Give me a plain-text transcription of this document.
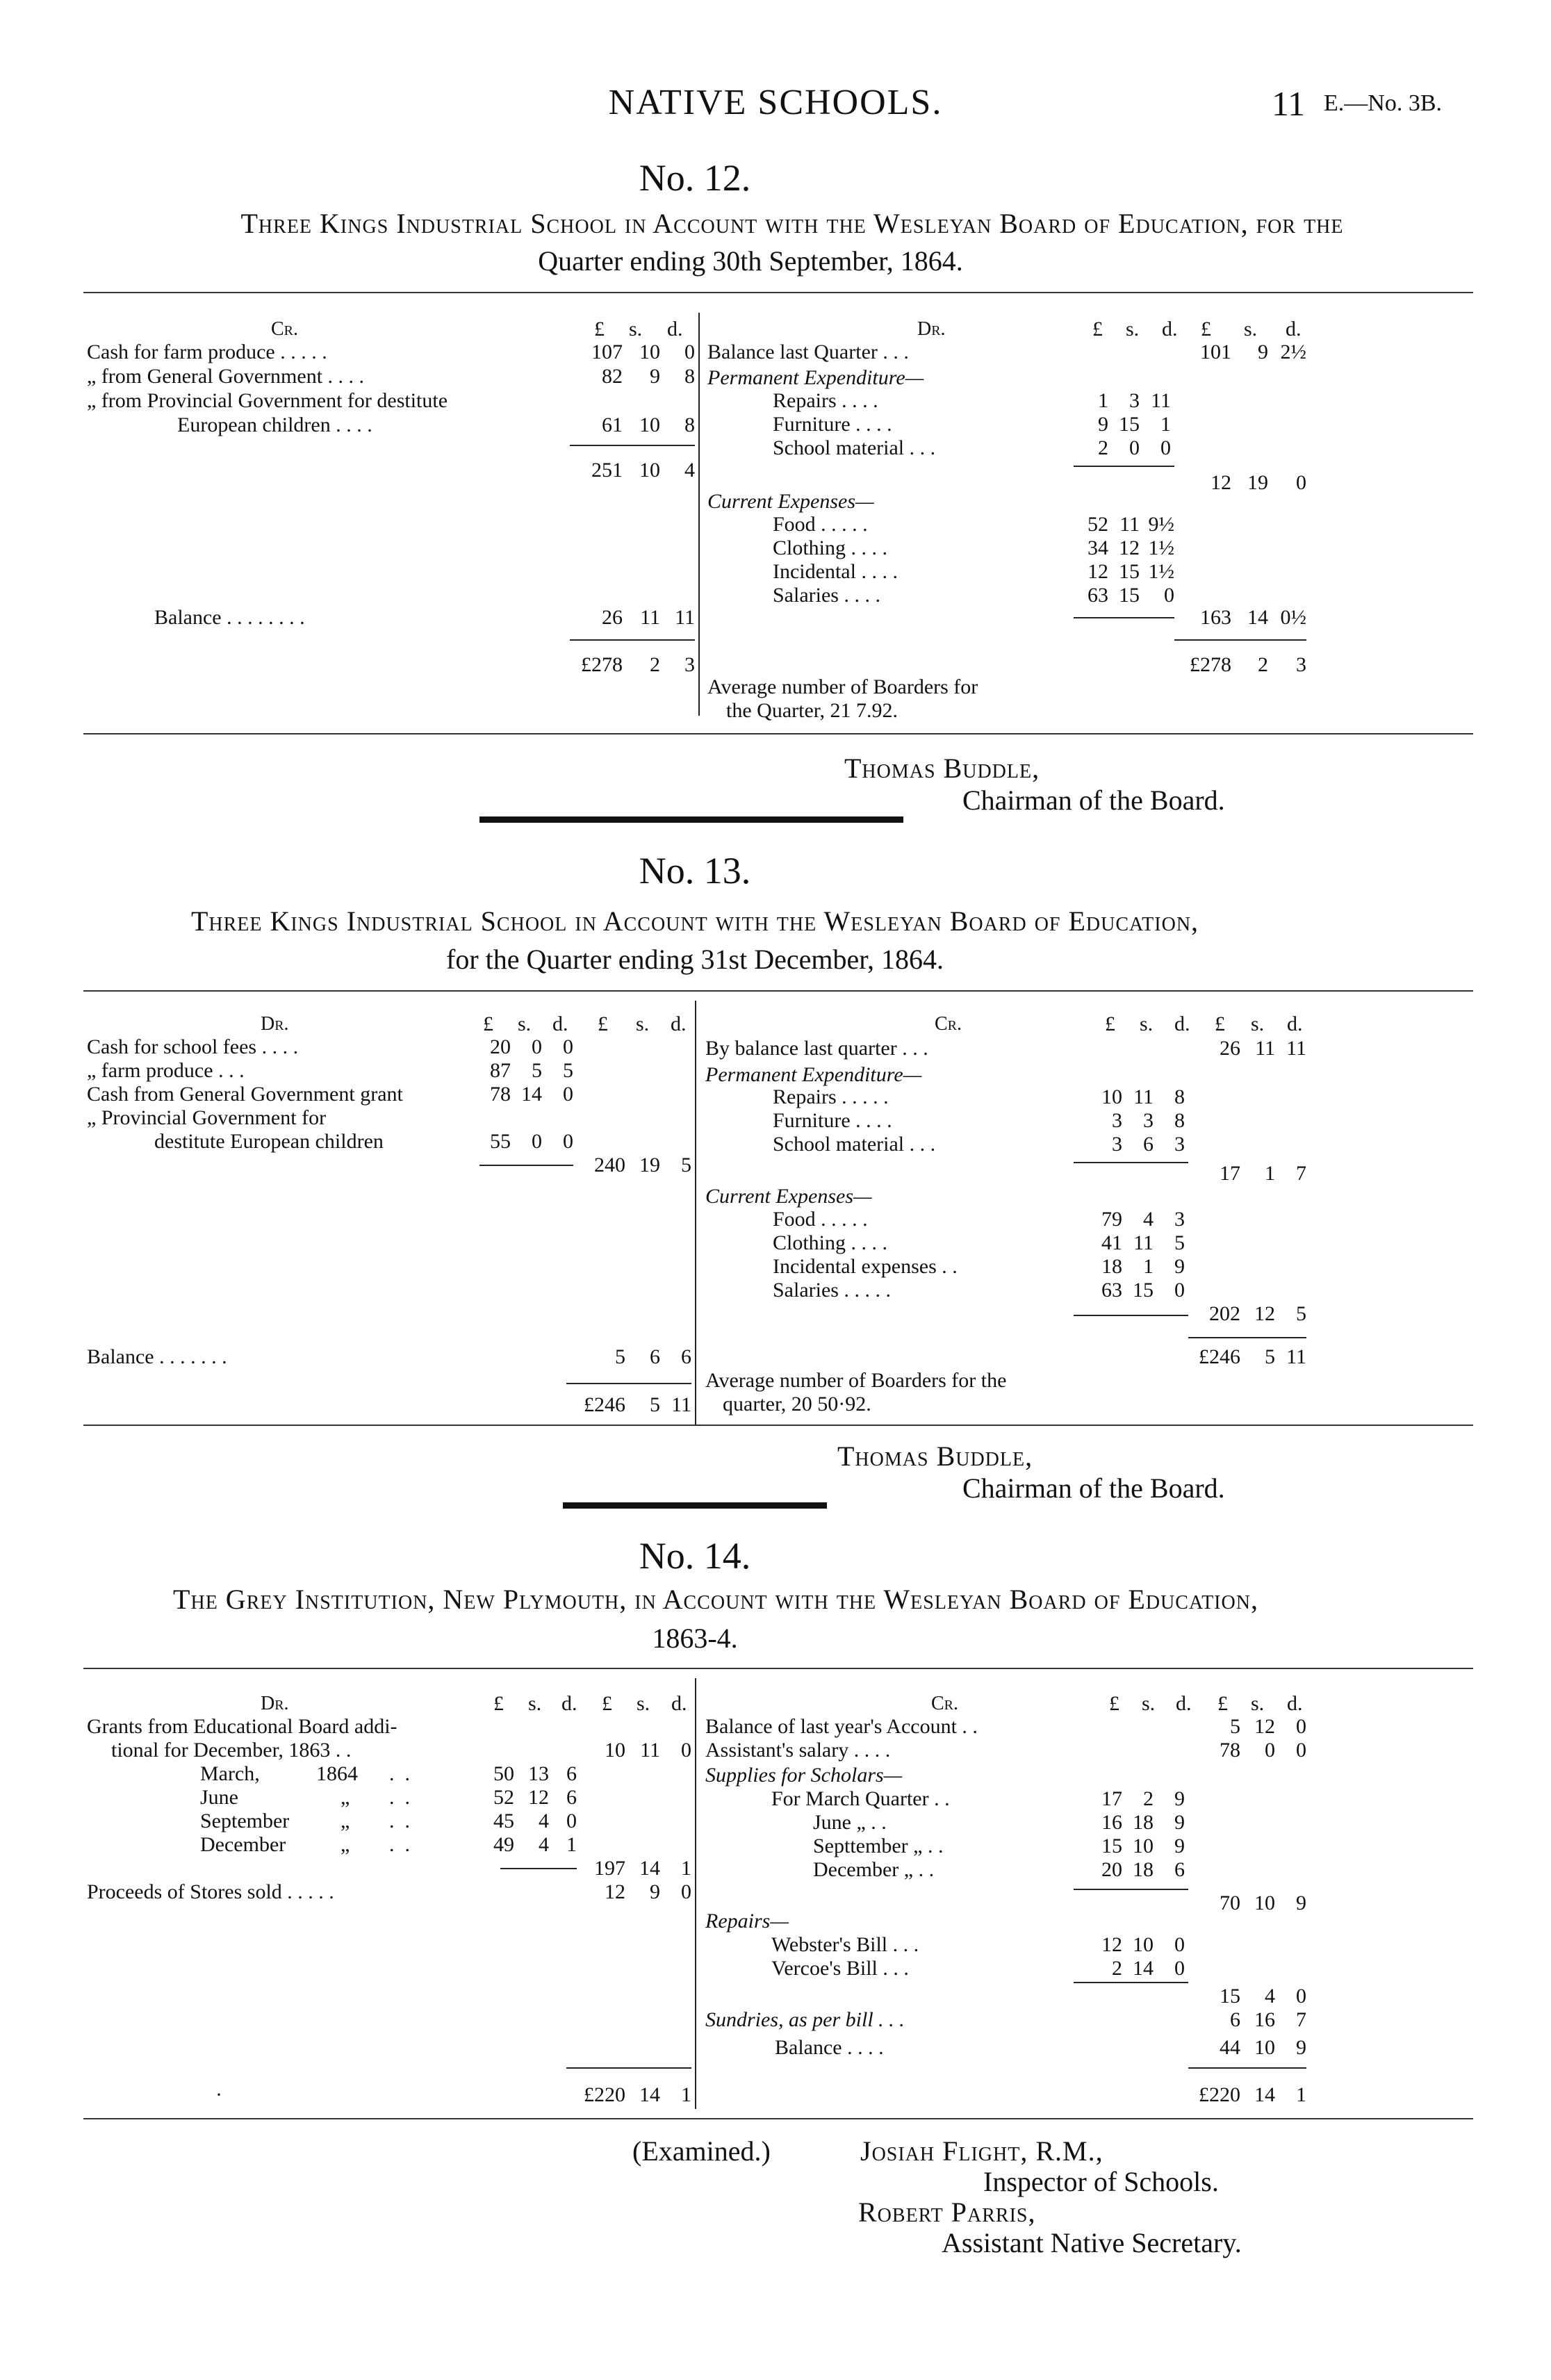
NATIVE SCHOOLS.	11 E.—No. 3B.
No. 12.
Three Kings Industrial School in Account with the Wesleyan Board of Education, for the
Quarter ending 30th September, 1864.
Cr.	£ s. d.
Cash for farm produce . . . . .	107 10	0
„ from General Government . . . .	82	9	8
„ from Provincial Government for destitute
European children . . . .	61 10	8
251 10	4
Balance . . . . . . . .	26 11 11
£278	2	3
Dr.	£ s. d. £ s. d.
Balance last Quarter . . .	101	9 2½
Permanent Expenditure—
Repairs . . . .	1	3 11
Furniture . . . .	9 15	1
School material . . .	2	0	0
12 19	0
Current Expenses—
Food . . . . .	52 11 9½
Clothing . . . .	34 12 1½
Incidental . . . .	12 15 1½
Salaries . . . .	63 15	0
163 14 0½
£278	2	3
Average number of Boarders for
the Quarter, 21 7.92.
Thomas Buddle,
Chairman of the Board.
No. 13.
Three Kings Industrial School in Account with the Wesleyan Board of Education,
for the Quarter ending 31st December, 1864.
Dr.	£ s. d. £ s. d.
Cash for school fees . . . .	20	0	0
„ farm produce . . .	87	5	5
Cash from General Government grant	78 14	0
„ Provincial Government for
destitute European children	55	0	0
240 19	5
Balance . . . . . . .	5	6	6
£246	5 11
Cr.	£ s. d. £ s. d.
By balance last quarter . . .	26 11 11
Permanent Expenditure—
Repairs . . . . .	10 11	8
Furniture . . . .	3	3	8
School material . . .	3	6	3
17	1	7
Current Expenses—
Food . . . . .	79	4	3
Clothing . . . .	41 11	5
Incidental expenses . .	18	1	9
Salaries . . . . .	63 15	0
202 12	5
£246	5 11
Average number of Boarders for the
quarter, 20 50·92.
Thomas Buddle,
Chairman of the Board.
No. 14.
The Grey Institution, New Plymouth, in Account with the Wesleyan Board of Education,
1863-4.
Dr.	£ s. d. £ s. d.
Grants from Educational Board addi-
tional for December, 1863 . .	10 11	0
March,	1864 .  .	50 13 6
June	„ .  .	52 12 6
September „ .  .	45	4 0
December	„ .  .	49	4 1
197 14	1
Proceeds of Stores sold . . . . .	12	9	0
·	£220 14	1
Cr.	£ s. d. £ s. d.
Balance of last year's Account . .	5 12	0
Assistant's salary . . . .	78	0	0
Supplies for Scholars—
For March Quarter . .	17	2	9
June „ . .	16 18	9
Septtember „ . .	15 10	9
December „ . .	20 18	6
70 10	9
Repairs—
Webster's Bill . . .	12 10	0
Vercoe's Bill . . .	2 14	0
15	4	0
Sundries, as per bill . . .	6 16	7
Balance . . . .	44 10	9
£220 14	1
(Examined.)	Josiah Flight, R.M.,
Inspector of Schools.
Robert Parris,
Assistant Native Secretary.
